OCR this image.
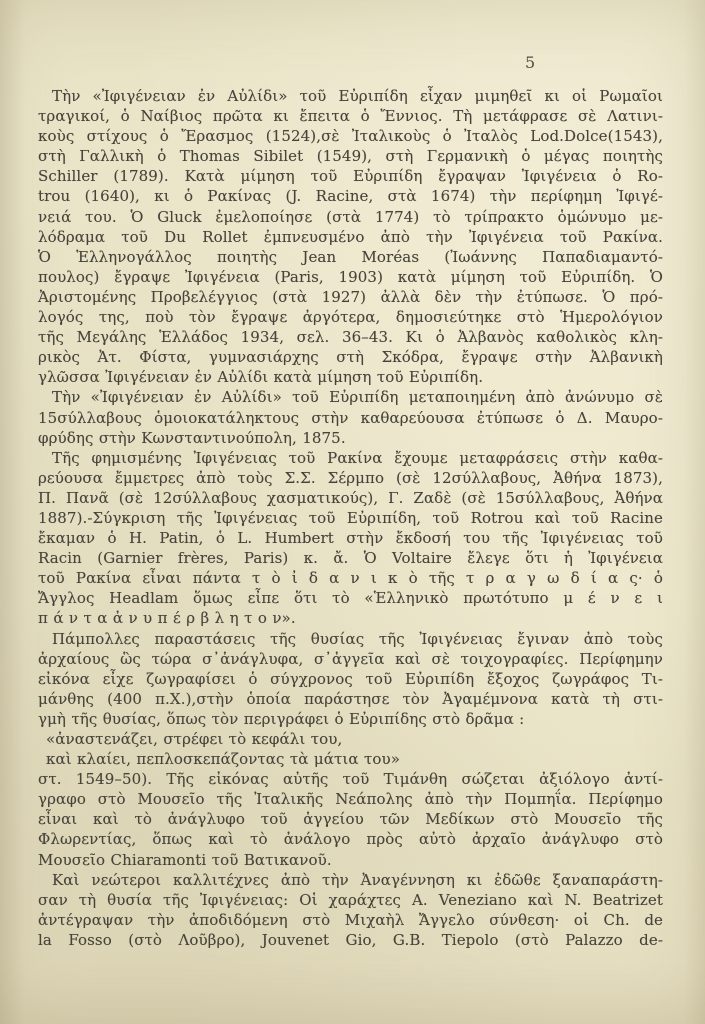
5
Τὴν «Ἰφιγένειαν ἐν Αὐλίδι» τοῦ Εὐριπίδη εἶχαν μιμηθεῖ κι οἱ Ρωμαῖοι
τραγικοί, ὁ Ναίβιος πρῶτα κι ἔπειτα ὁ Ἔννιος. Τὴ μετάφρασε σὲ Λατινι-
κοὺς στίχους ὁ Ἔρασμος (1524),σὲ Ἰταλικοὺς ὁ Ἰταλὸς Lod.Dolce(1543),
στὴ Γαλλικὴ ὁ Thomas Sibilet (1549), στὴ Γερμανικὴ ὁ μέγας ποιητὴς
Schiller (1789). Κατὰ μίμηση τοῦ Εὐριπίδη ἔγραψαν Ἰφιγένεια ὁ Ro-
trou (1640), κι ὁ Ρακίνας (J. Racine, στὰ 1674) τὴν περίφημη Ἰφιγέ-
νειά του. Ὁ Gluck ἐμελοποίησε (στὰ 1774) τὸ τρίπρακτο ὁμώνυμο με-
λόδραμα τοῦ Du Rollet ἐμπνευσμένο ἀπὸ τὴν Ἰφιγένεια τοῦ Ρακίνα.
Ὁ Ἑλληνογάλλος ποιητὴς Jean Moréas (Ἰωάννης Παπαδιαμαντό-
πουλος) ἔγραψε Ἰφιγένεια (Paris, 1903) κατὰ μίμηση τοῦ Εὐριπίδη. Ὁ
Ἀριστομένης Προβελέγγιος (στὰ 1927) ἀλλὰ δὲν τὴν ἐτύπωσε. Ὁ πρό-
λογός της, ποὺ τὸν ἔγραψε ἀργότερα, δημοσιεύτηκε στὸ Ἡμερολόγιον
τῆς Μεγάλης Ἑλλάδος 1934, σελ. 36–43. Κι ὁ Ἀλβανὸς καθολικὸς κλη-
ρικὸς Ἀτ. Φίστα, γυμνασιάρχης στὴ Σκόδρα, ἔγραψε στὴν Ἀλβανικὴ
γλῶσσα Ἰφιγένειαν ἐν Αὐλίδι κατὰ μίμηση τοῦ Εὐριπίδη.
Τὴν «Ἰφιγένειαν ἐν Αὐλίδι» τοῦ Εὐριπίδη μεταποιημένη ἀπὸ ἀνώνυμο σὲ
15σύλλαβους ὁμοιοκατάληκτους στὴν καθαρεύουσα ἐτύπωσε ὁ Δ. Μαυρο-
φρύδης στὴν Κωνσταντινούπολη, 1875.
Τῆς φημισμένης Ἰφιγένειας τοῦ Ρακίνα ἔχουμε μεταφράσεις στὴν καθα-
ρεύουσα ἔμμετρες ἀπὸ τοὺς Σ.Σ. Σέρμπο (σὲ 12σύλλαβους, Ἀθήνα 1873),
Π. Πανᾶ (σὲ 12σύλλαβους χασματικούς), Γ. Ζαδὲ (σὲ 15σύλλαβους, Ἀθήνα
1887).-Σύγκριση τῆς Ἰφιγένειας τοῦ Εὐριπίδη, τοῦ Rotrou καὶ τοῦ Racine
ἔκαμαν ὁ H. Patin, ὁ L. Humbert στὴν ἔκδοσή του τῆς Ἰφιγένειας τοῦ
Racin (Garnier frères, Paris) κ. ἄ. Ὁ Voltaire ἔλεγε ὅτι ἡ Ἰφιγένεια
τοῦ Ρακίνα εἶναι πάντα τ ὸ ἰ δ α ν ι κ ὸ τῆς τ ρ α γ ω δ ί α ς· ὁ
Ἄγγλος Headlam ὅμως εἶπε ὅτι τὸ «Ἑλληνικὸ πρωτότυπο μ έ ν ε ι
π ά ν τ α ἀ ν υ π έ ρ β λ η τ ο ν».
Πάμπολλες παραστάσεις τῆς θυσίας τῆς Ἰφιγένειας ἔγιναν ἀπὸ τοὺς
ἀρχαίους ὣς τώρα σ᾽ἀνάγλυφα, σ᾽ἀγγεῖα καὶ σὲ τοιχογραφίες. Περίφημην
εἰκόνα εἶχε ζωγραφίσει ὁ σύγχρονος τοῦ Εὐριπίδη ἔξοχος ζωγράφος Τι-
μάνθης (400 π.Χ.),στὴν ὁποία παράστησε τὸν Ἀγαμέμνονα κατὰ τὴ στι-
γμὴ τῆς θυσίας, ὅπως τὸν περιγράφει ὁ Εὐριπίδης στὸ δρᾶμα :
«ἀναστενάζει, στρέφει τὸ κεφάλι του,
καὶ κλαίει, πεπλοσκεπάζοντας τὰ μάτια του»
στ. 1549–50). Τῆς εἰκόνας αὐτῆς τοῦ Τιμάνθη σώζεται ἀξιόλογο ἀντί-
γραφο στὸ Μουσεῖο τῆς Ἰταλικῆς Νεάπολης ἀπὸ τὴν Πομπηΐα. Περίφημο
εἶναι καὶ τὸ ἀνάγλυφο τοῦ ἀγγείου τῶν Μεδίκων στὸ Μουσεῖο τῆς
Φλωρεντίας, ὅπως καὶ τὸ ἀνάλογο πρὸς αὐτὸ ἀρχαῖο ἀνάγλυφο στὸ
Μουσεῖο Chiaramonti τοῦ Βατικανοῦ.
Καὶ νεώτεροι καλλιτέχνες ἀπὸ τὴν Ἀναγέννηση κι ἐδῶθε ξαναπαράστη-
σαν τὴ θυσία τῆς Ἰφιγένειας: Οἱ χαράχτες A. Veneziano καὶ N. Beatrizet
ἀντέγραψαν τὴν ἀποδιδόμενη στὸ Μιχαὴλ Ἄγγελο σύνθεση· οἱ Ch. de
la Fosso (στὸ Λοῦβρο), Jouvenet Gio, G.B. Tiepolo (στὸ Palazzo de-
